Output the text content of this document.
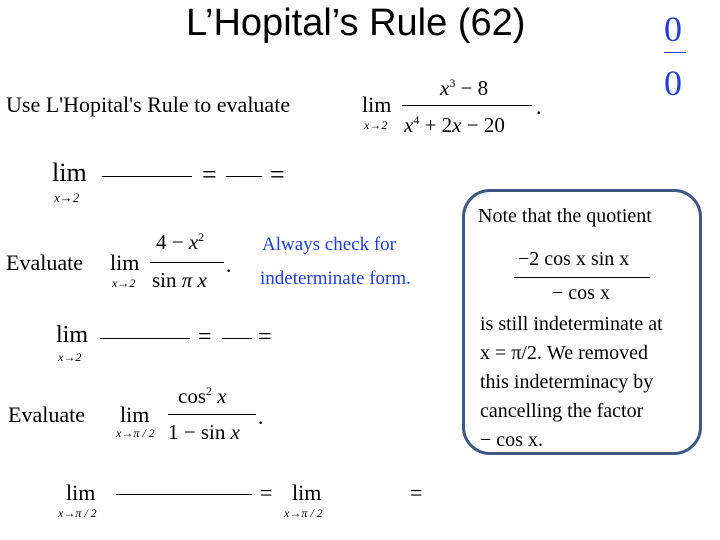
L’Hopital’s Rule (62)	0
0
Use L'Hopital's Rule to evaluate	lim
x→2
$x^3 - 8$
$x^4 + 2x - 20$
.
lim
x→2
= =
Evaluate lim
x→2
$4 - x^2$
sin π x
.
Always check for
indeterminate form.
lim
x→2
= =
Evaluate lim
x→π / 2
$\cos^2 x$
1 − sin x
.
lim
x→π / 2
= lim
x→π / 2
=
Note that the quotient
−2 cos x sin x
− cos x
is still indeterminate at
x = π/2. We removed
this indeterminacy by
cancelling the factor
− cos x.
